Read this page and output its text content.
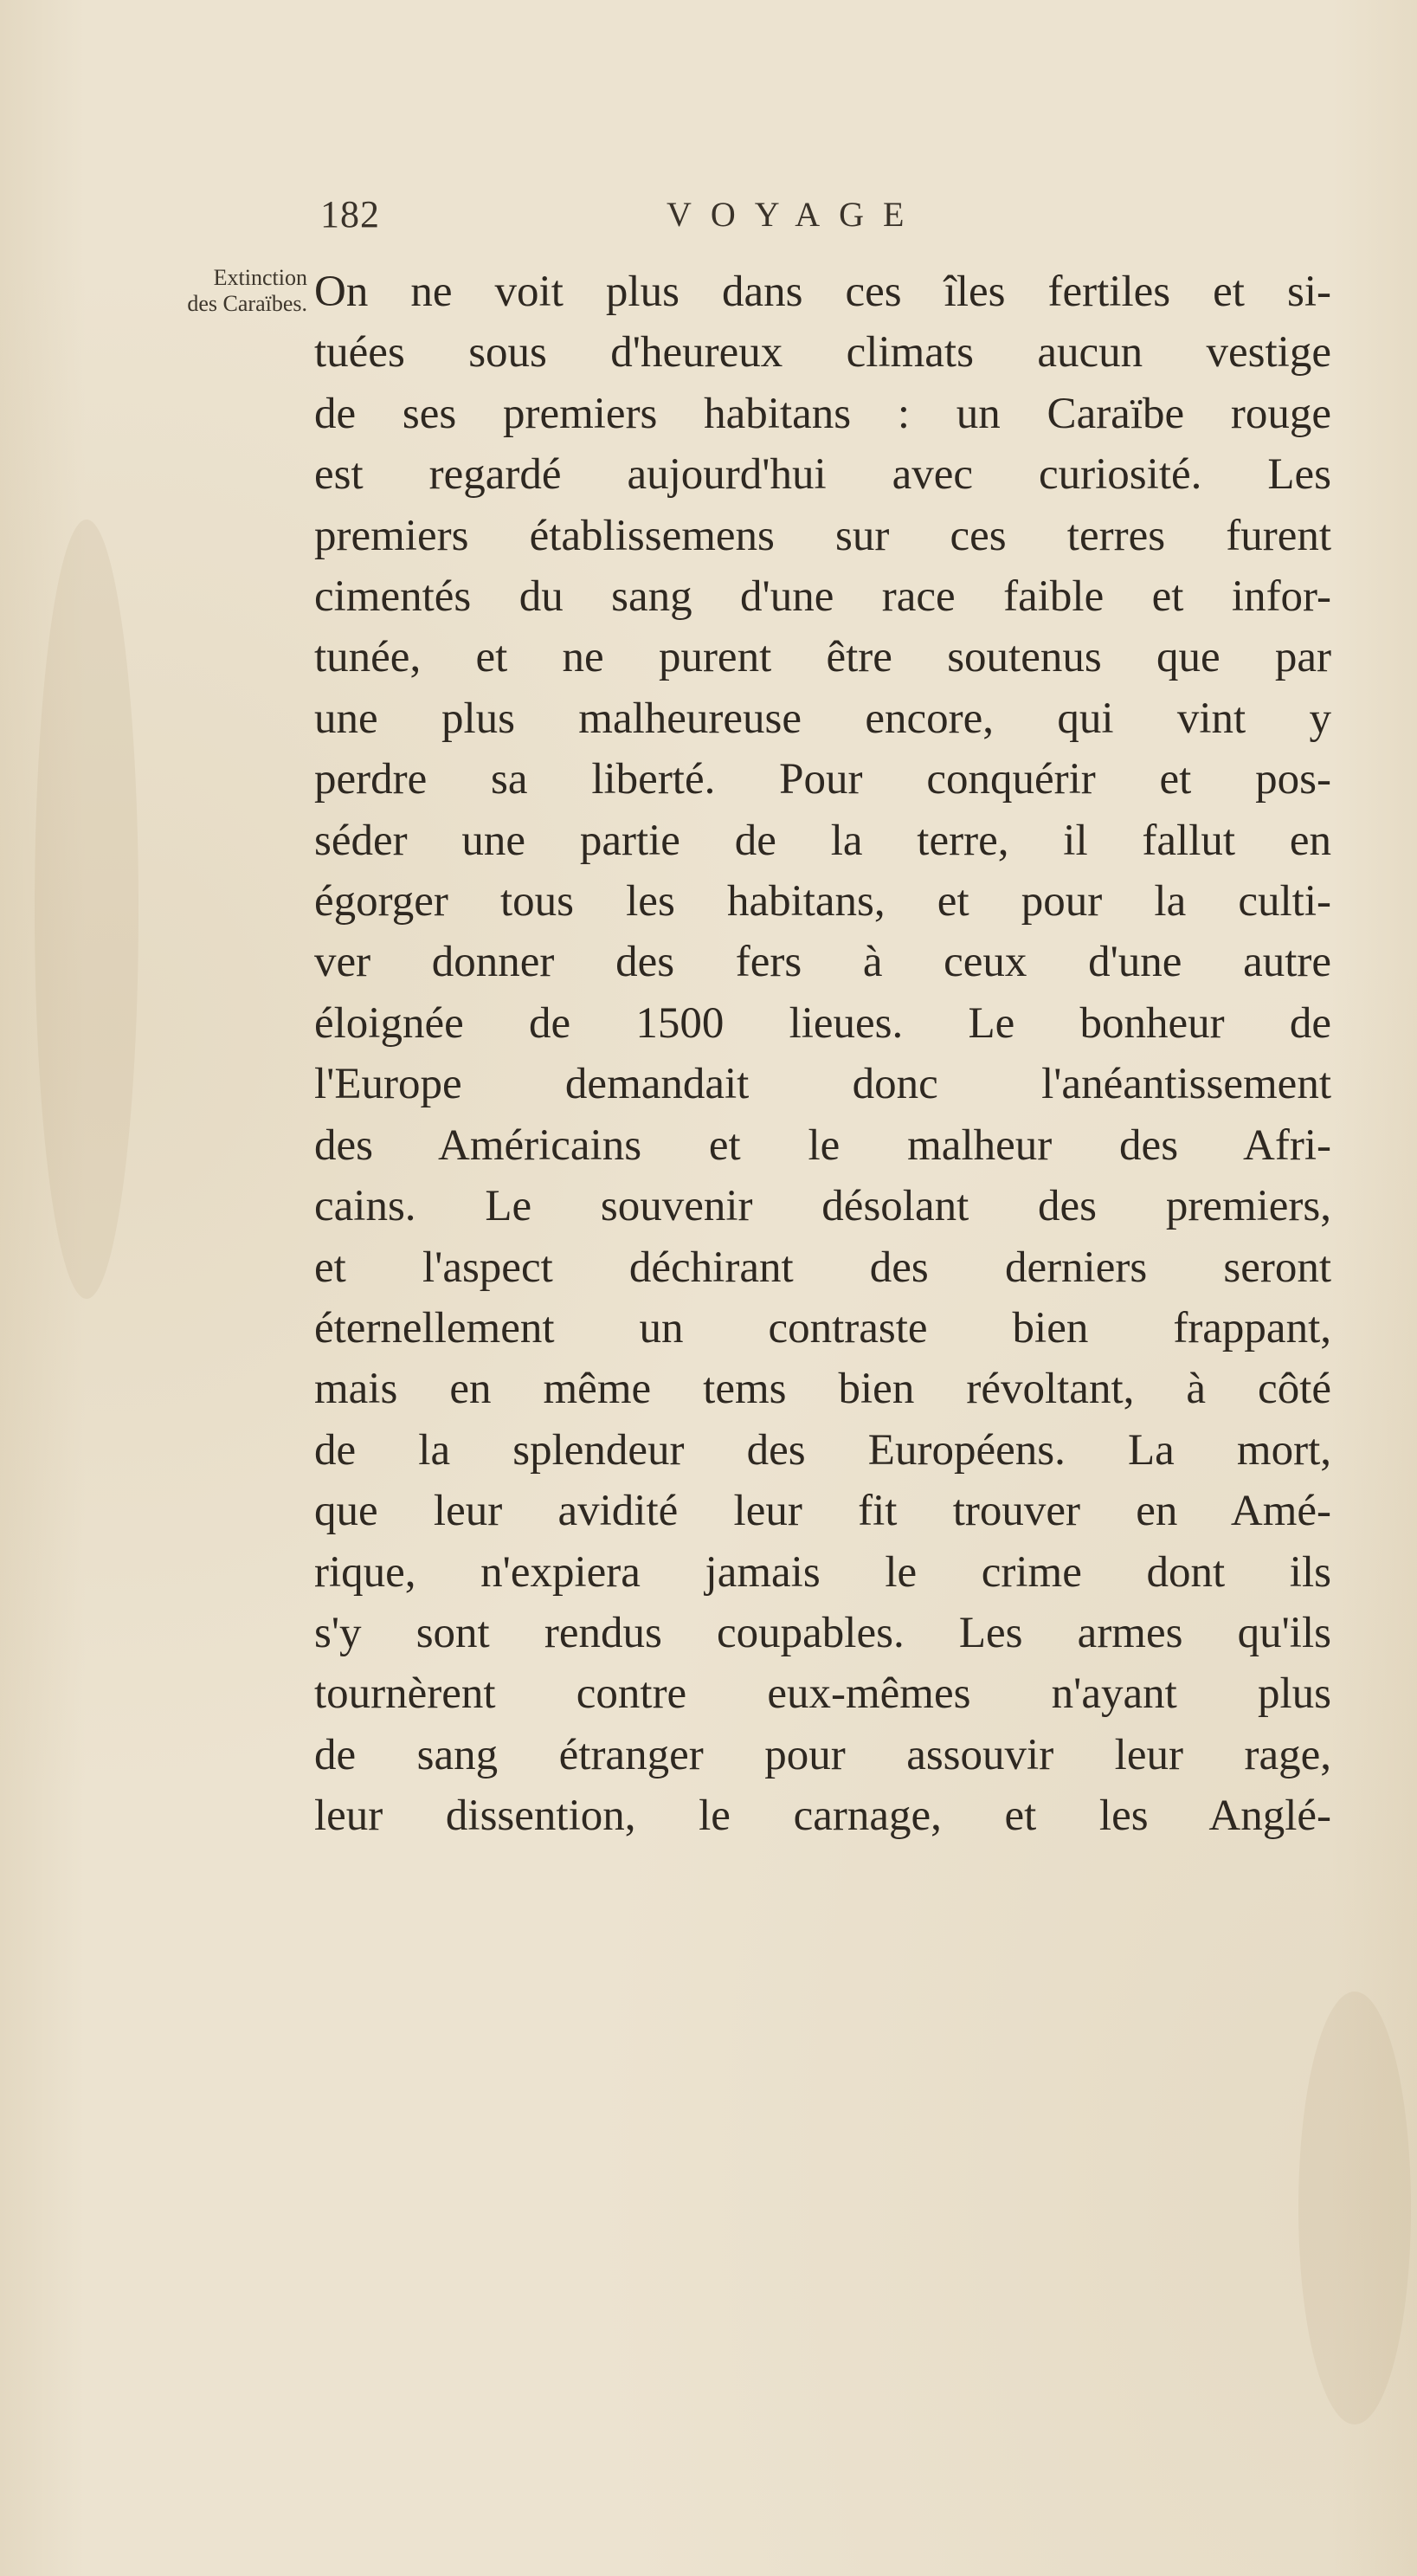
182	VOYAGE
Extinction
des Caraïbes. On ne voit plus dans ces îles fertiles et si-
tuées sous d'heureux climats aucun vestige
de ses premiers habitans : un Caraïbe rouge
est regardé aujourd'hui avec curiosité. Les
premiers établissemens sur ces terres furent
cimentés du sang d'une race faible et infor-
tunée, et ne purent être soutenus que par
une plus malheureuse encore, qui vint y
perdre sa liberté. Pour conquérir et pos-
séder une partie de la terre, il fallut en
égorger tous les habitans, et pour la culti-
ver donner des fers à ceux d'une autre
éloignée de 1500 lieues. Le bonheur de
l'Europe demandait donc l'anéantissement
des Américains et le malheur des Afri-
cains. Le souvenir désolant des premiers,
et l'aspect déchirant des derniers seront
éternellement un contraste bien frappant,
mais en même tems bien révoltant, à côté
de la splendeur des Européens. La mort,
que leur avidité leur fit trouver en Amé-
rique, n'expiera jamais le crime dont ils
s'y sont rendus coupables. Les armes qu'ils
tournèrent contre eux-mêmes n'ayant plus
de sang étranger pour assouvir leur rage,
leur dissention, le carnage, et les Anglé-
